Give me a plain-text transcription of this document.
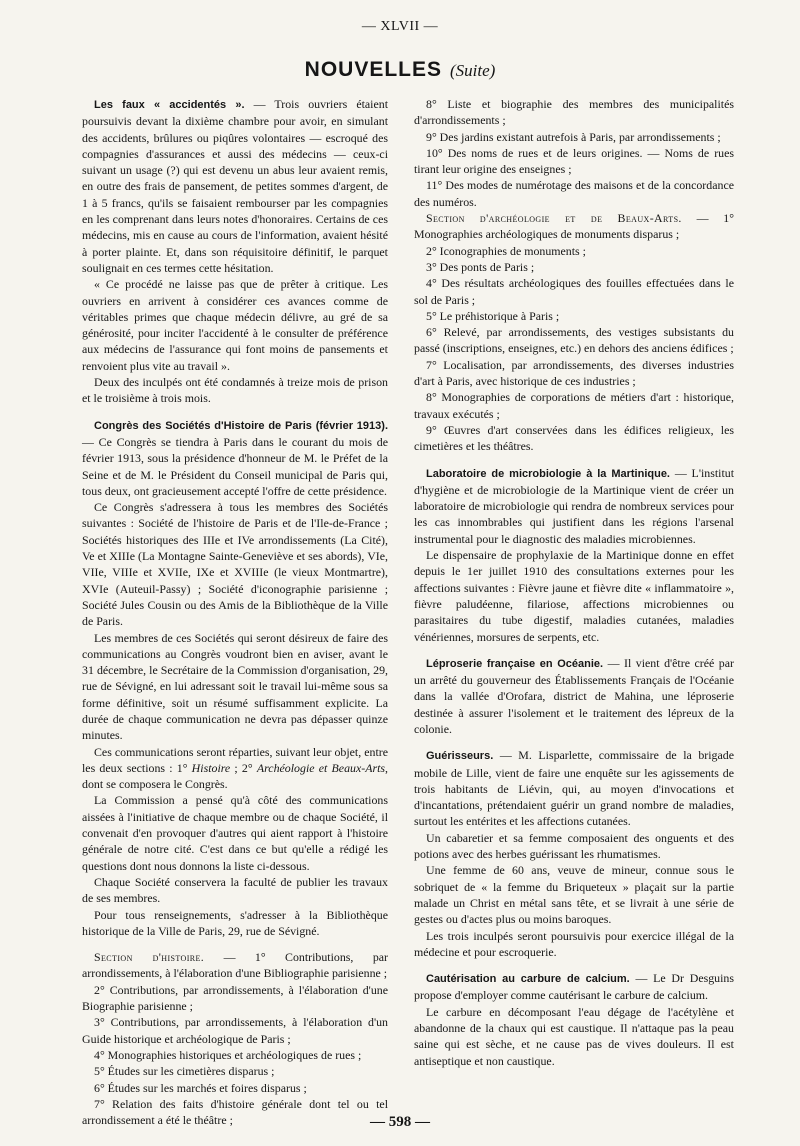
— XLVII —
NOUVELLES (Suite)

Les faux « accidentés ». — Trois ouvriers étaient poursuivis devant la dixième chambre pour avoir, en simulant des accidents, brûlures ou piqûres volontaires — escroqué des compagnies d'assurances et aussi des médecins — ceux-ci suivant un usage (?) qui est devenu un abus leur avaient remis, en outre des frais de pansement, de petites sommes d'argent, de 1 à 5 francs, qu'ils se faisaient rembourser par les compagnies en les comprenant dans leurs notes d'honoraires. Certains de ces médecins, mis en cause au cours de l'information, avaient hésité à porter plainte. Et, dans son réquisitoire définitif, le parquet soulignait en ces termes cette hésitation.

« Ce procédé ne laisse pas que de prêter à critique. Les ouvriers en arrivent à considérer ces avances comme de véritables primes que chaque médecin délivre, au gré de sa générosité, pour inciter l'accidenté à le consulter de préférence aux médecins de l'assurance qui font moins de pansements et renvoient plus vite au travail ».

Deux des inculpés ont été condamnés à treize mois de prison et le troisième à trois mois.

Congrès des Sociétés d'Histoire de Paris (février 1913). — Ce Congrès se tiendra à Paris dans le courant du mois de février 1913, sous la présidence d'honneur de M. le Préfet de la Seine et de M. le Président du Conseil municipal de Paris qui, tous deux, ont gracieusement accepté l'offre de cette présidence.

Ce Congrès s'adressera à tous les membres des Sociétés suivantes : Société de l'histoire de Paris et de l'Ile-de-France ; Sociétés historiques des IIIe et IVe arrondissements (La Cité), Ve et XIIIe (La Montagne Sainte-Geneviève et ses abords), VIe, VIIe, VIIIe et XVIIe, IXe et XVIIIe (le vieux Montmartre), XVIe (Auteuil-Passy) ; Société d'iconographie parisienne ; Société Jules Cousin ou des Amis de la Bibliothèque de la Ville de Paris.

Les membres de ces Sociétés qui seront désireux de faire des communications au Congrès voudront bien en aviser, avant le 31 décembre, le Secrétaire de la Commission d'organisation, 29, rue de Sévigné, en lui adressant soit le travail lui-même sous sa forme définitive, soit un résumé suffisamment explicite. La durée de chaque communication ne devra pas dépasser quinze minutes.

Ces communications seront réparties, suivant leur objet, entre les deux sections : 1° Histoire ; 2° Archéologie et Beaux-Arts, dont se composera le Congrès.

La Commission a pensé qu'à côté des communications aissées à l'initiative de chaque membre ou de chaque Société, il convenait d'en provoquer d'autres qui aient rapport à l'histoire générale de notre cité. C'est dans ce but qu'elle a rédigé les questions dont nous donnons la liste ci-dessous.

Chaque Société conservera la faculté de publier les travaux de ses membres.

Pour tous renseignements, s'adresser à la Bibliothèque historique de la Ville de Paris, 29, rue de Sévigné.

Section d'histoire. — 1° Contributions, par arrondissements, à l'élaboration d'une Bibliographie parisienne ;

2° Contributions, par arrondissements, à l'élaboration d'une Biographie parisienne ;

3° Contributions, par arrondissements, à l'élaboration d'un Guide historique et archéologique de Paris ;

4° Monographies historiques et archéologiques de rues ;

5° Études sur les cimetières disparus ;

6° Études sur les marchés et foires disparus ;

7° Relation des faits d'histoire générale dont tel ou tel arrondissement a été le théâtre ;

8° Liste et biographie des membres des municipalités d'arrondissements ;

9° Des jardins existant autrefois à Paris, par arrondissements ;

10° Des noms de rues et de leurs origines. — Noms de rues tirant leur origine des enseignes ;

11° Des modes de numérotage des maisons et de la concordance des numéros.

Section d'archéologie et de Beaux-Arts. — 1° Monographies archéologiques de monuments disparus ;

2° Iconographies de monuments ;

3° Des ponts de Paris ;

4° Des résultats archéologiques des fouilles effectuées dans le sol de Paris ;

5° Le préhistorique à Paris ;

6° Relevé, par arrondissements, des vestiges subsistants du passé (inscriptions, enseignes, etc.) en dehors des anciens édifices ;

7° Localisation, par arrondissements, des diverses industries d'art à Paris, avec historique de ces industries ;

8° Monographies de corporations de métiers d'art : historique, travaux exécutés ;

9° Œuvres d'art conservées dans les édifices religieux, les cimetières et les théâtres.

Laboratoire de microbiologie à la Martinique. — L'institut d'hygiène et de microbiologie de la Martinique vient de créer un laboratoire de microbiologie qui rendra de nombreux services pour les cas innombrables qui justifient dans les régions l'arsenal instrumental pour le diagnostic des maladies microbiennes.

Le dispensaire de prophylaxie de la Martinique donne en effet depuis le 1er juillet 1910 des consultations externes pour les affections suivantes : Fièvre jaune et fièvre dite « inflammatoire », fièvre paludéenne, filariose, affections microbiennes ou parasitaires du tube digestif, maladies cutanées, maladies vénériennes, morsures de serpents, etc.

Léproserie française en Océanie. — Il vient d'être créé par un arrêté du gouverneur des Établissements Français de l'Océanie dans la vallée d'Orofara, district de Mahina, une léproserie destinée à assurer l'isolement et le traitement des lépreux de la colonie.

Guérisseurs. — M. Lisparlette, commissaire de la brigade mobile de Lille, vient de faire une enquête sur les agissements de trois habitants de Liévin, qui, au moyen d'invocations et d'incantations, prétendaient guérir un grand nombre de maladies, surtout les entérites et les affections cutanées.

Un cabaretier et sa femme composaient des onguents et des potions avec des herbes guérissant les rhumatismes.

Une femme de 60 ans, veuve de mineur, connue sous le sobriquet de « la femme du Briqueteux » plaçait sur la partie malade un Christ en métal sans tête, et se livrait à une série de gestes ou d'actes plus ou moins baroques.

Les trois inculpés seront poursuivis pour exercice illégal de la médecine et pour escroquerie.

Cautérisation au carbure de calcium. — Le Dr Desguins propose d'employer comme cautérisant le carbure de calcium.

Le carbure en décomposant l'eau dégage de l'acétylène et abandonne de la chaux qui est caustique. Il n'attaque pas la peau saine qui est sèche, et ne cause pas de vives douleurs. Il est antiseptique et non caustique.

— 598 —
